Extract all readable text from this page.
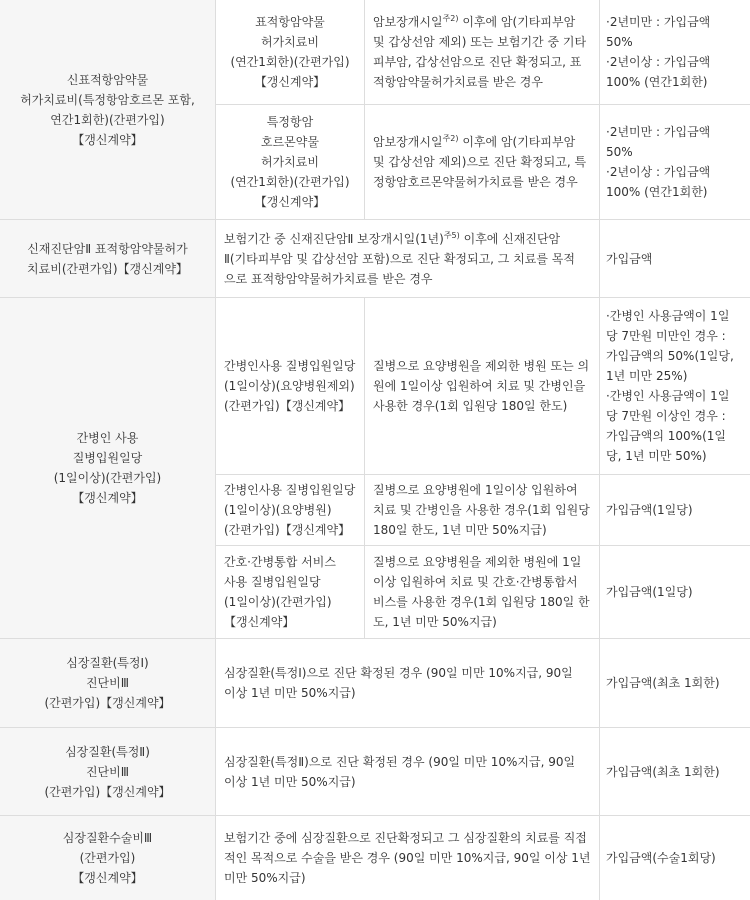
신표적항암약물
허가치료비(특정항암호르몬 포함,
연간1회한)(간편가입)
【갱신계약】
표적항암약물
허가치료비
(연간1회한)(간편가입)
【갱신계약】
암보장개시일$^{주2)}$ 이후에 암(기타피부암
및 갑상선암 제외) 또는 보험기간 중 기타
피부암, 갑상선암으로 진단 확정되고, 표
적항암약물허가치료를 받은 경우
·2년미만 : 가입금액
50%
·2년이상 : 가입금액
100% (연간1회한)
특정항암
호르몬약물
허가치료비
(연간1회한)(간편가입)
【갱신계약】
암보장개시일$^{주2)}$ 이후에 암(기타피부암
및 갑상선암 제외)으로 진단 확정되고, 특
정항암호르몬약물허가치료를 받은 경우
·2년미만 : 가입금액
50%
·2년이상 : 가입금액
100% (연간1회한)
신재진단암Ⅱ 표적항암약물허가
치료비(간편가입)【갱신계약】
보험기간 중 신재진단암Ⅱ 보장개시일(1년)$^{주5)}$ 이후에 신재진단암
Ⅱ(기타피부암 및 갑상선암 포함)으로 진단 확정되고, 그 치료를 목적
으로 표적항암약물허가치료를 받은 경우
가입금액
간병인 사용
질병입원일당
(1일이상)(간편가입)
【갱신계약】
간병인사용 질병입원일당
(1일이상)(요양병원제외)
(간편가입)【갱신계약】
질병으로 요양병원을 제외한 병원 또는 의
원에 1일이상 입원하여 치료 및 간병인을
사용한 경우(1회 입원당 180일 한도)
·간병인 사용금액이 1일
당 7만원 미만인 경우 :
가입금액의 50%(1일당,
1년 미만 25%)
·간병인 사용금액이 1일
당 7만원 이상인 경우 :
가입금액의 100%(1일
당, 1년 미만 50%)
간병인사용 질병입원일당
(1일이상)(요양병원)
(간편가입)【갱신계약】
질병으로 요양병원에 1일이상 입원하여
치료 및 간병인을 사용한 경우(1회 입원당
180일 한도, 1년 미만 50%지급)
가입금액(1일당)
간호·간병통합 서비스
사용 질병입원일당
(1일이상)(간편가입)
【갱신계약】
질병으로 요양병원을 제외한 병원에 1일
이상 입원하여 치료 및 간호·간병통합서
비스를 사용한 경우(1회 입원당 180일 한
도, 1년 미만 50%지급)
가입금액(1일당)
심장질환(특정Ⅰ)
진단비Ⅲ
(간편가입)【갱신계약】
심장질환(특정Ⅰ)으로 진단 확정된 경우 (90일 미만 10%지급, 90일
이상 1년 미만 50%지급)
가입금액(최초 1회한)
심장질환(특정Ⅱ)
진단비Ⅲ
(간편가입)【갱신계약】
심장질환(특정Ⅱ)으로 진단 확정된 경우 (90일 미만 10%지급, 90일
이상 1년 미만 50%지급)
가입금액(최초 1회한)
심장질환수술비Ⅲ
(간편가입)
【갱신계약】
보험기간 중에 심장질환으로 진단확정되고 그 심장질환의 치료를 직접
적인 목적으로 수술을 받은 경우 (90일 미만 10%지급, 90일 이상 1년
미만 50%지급)
가입금액(수술1회당)
